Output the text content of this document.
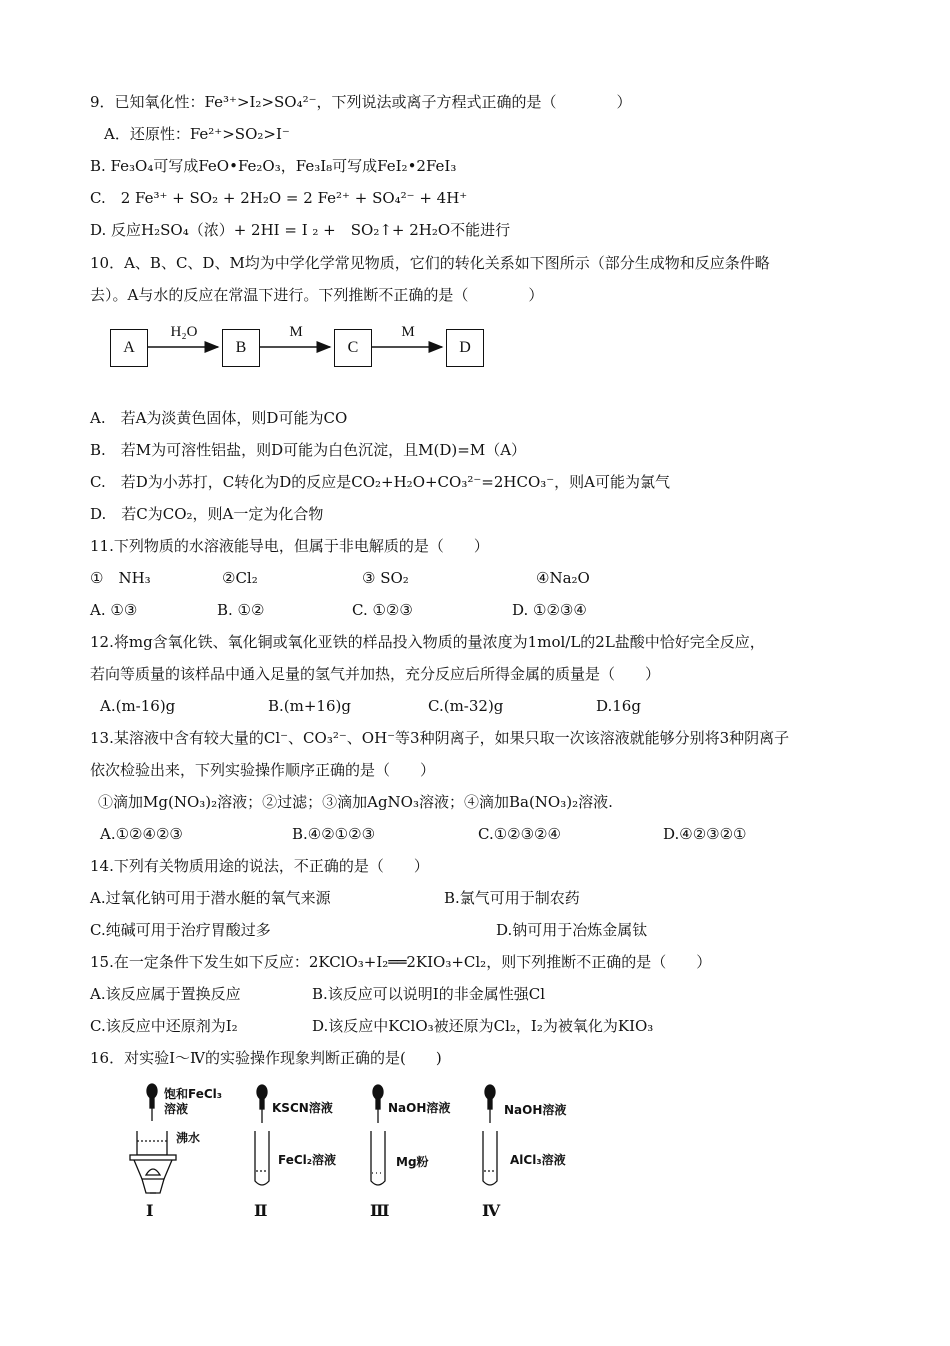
9．已知氧化性：Fe³⁺>I₂>SO₄²⁻，下列说法或离子方程式正确的是（　　　　）
A．还原性：Fe²⁺>SO₂>I⁻
B. Fe₃O₄可写成FeO•Fe₂O₃，Fe₃I₈可写成FeI₂•2FeI₃
C.　2 Fe³⁺ + SO₂ + 2H₂O = 2 Fe²⁺ + SO₄²⁻ + 4H⁺
D. 反应H₂SO₄（浓）+ 2HI = I ₂ +　SO₂↑+ 2H₂O不能进行
10．A、B、C、D、M均为中学化学常见物质，它们的转化关系如下图所示（部分生成物和反应条件略
去）。A与水的反应在常温下进行。下列推断不正确的是（　　　　）
A	B	C	D
H₂O	M	M
A.　若A为淡黄色固体，则D可能为CO
B.　若M为可溶性铝盐，则D可能为白色沉淀，且M(D)=M（A）
C.　若D为小苏打，C转化为D的反应是CO₂+H₂O+CO₃²⁻=2HCO₃⁻，则A可能为氯气
D.　若C为CO₂，则A一定为化合物
11.下列物质的水溶液能导电，但属于非电解质的是（　　）
①　NH₃	②Cl₂	③ SO₂	④Na₂O
A. ①③	B. ①②	C. ①②③	D. ①②③④
12.将mg含氧化铁、氧化铜或氧化亚铁的样品投入物质的量浓度为1mol/L的2L盐酸中恰好完全反应，
若向等质量的该样品中通入足量的氢气并加热，充分反应后所得金属的质量是（　　）
A.(m-16)g	B.(m+16)g	C.(m-32)g	D.16g
13.某溶液中含有较大量的Cl⁻、CO₃²⁻、OH⁻等3种阴离子，如果只取一次该溶液就能够分别将3种阴离子
依次检验出来，下列实验操作顺序正确的是（　　）
①滴加Mg(NO₃)₂溶液；②过滤；③滴加AgNO₃溶液；④滴加Ba(NO₃)₂溶液.
A.①②④②③	B.④②①②③	C.①②③②④	D.④②③②①
14.下列有关物质用途的说法，不正确的是（　　）
A.过氧化钠可用于潜水艇的氧气来源	B.氯气可用于制农药
C.纯碱可用于治疗胃酸过多	D.钠可用于冶炼金属钛
15.在一定条件下发生如下反应：2KClO₃+I₂══2KIO₃+Cl₂，则下列推断不正确的是（　　）
A.该反应属于置换反应	B.该反应可以说明I的非金属性强Cl
C.该反应中还原剂为I₂	D.该反应中KClO₃被还原为Cl₂，I₂为被氧化为KIO₃
16．对实验Ⅰ～Ⅳ的实验操作现象判断正确的是(　　)
饱和FeCl₃
溶液
沸水
KSCN溶液
FeCl₂溶液
NaOH溶液
Mg粉
NaOH溶液
AlCl₃溶液
Ⅰ	Ⅱ	Ⅲ	Ⅳ
